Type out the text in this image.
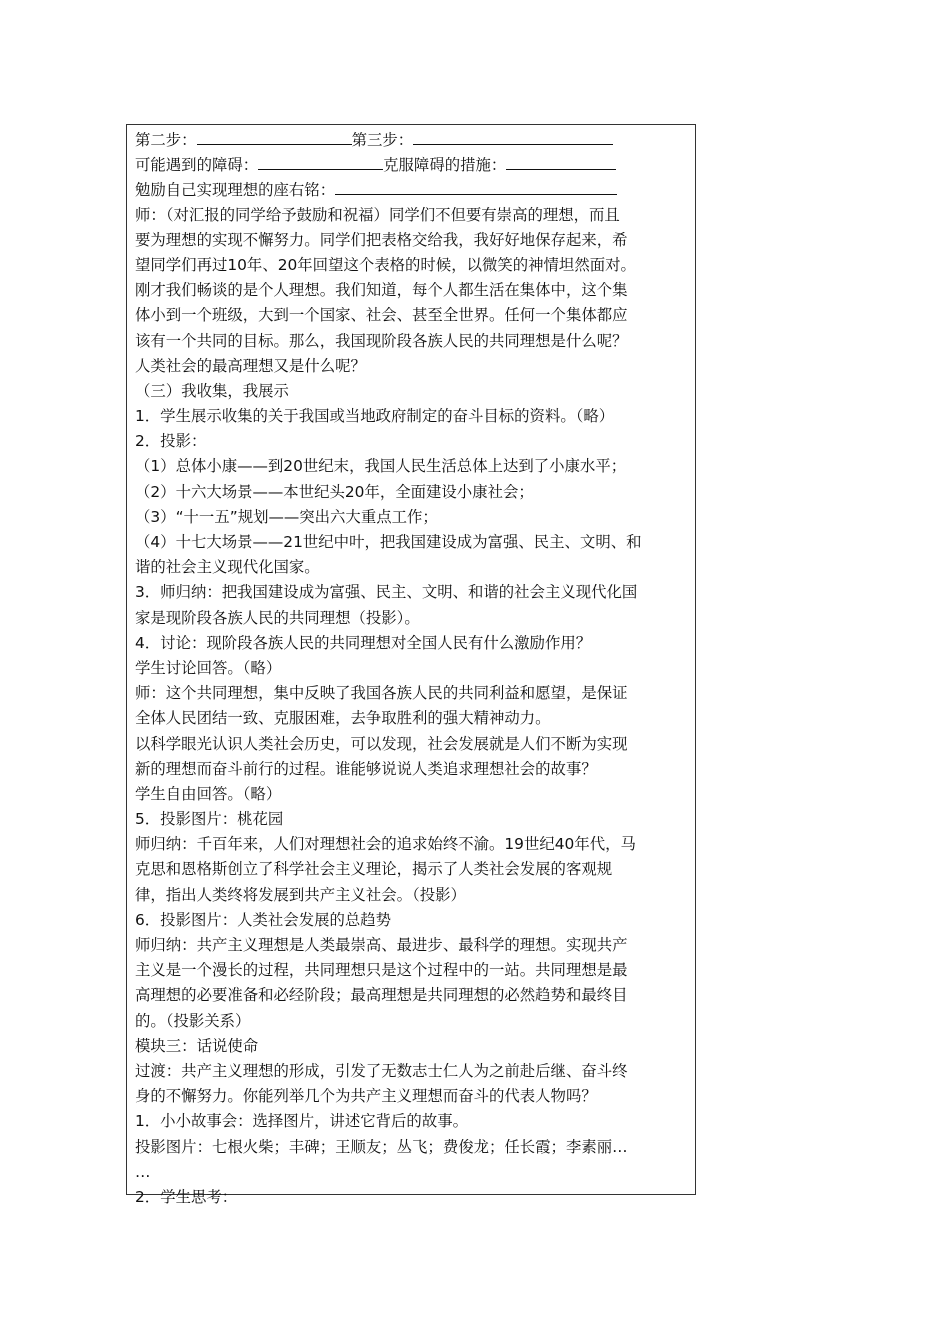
第二步：	第三步：
可能遇到的障碍：	克服障碍的措施：
勉励自己实现理想的座右铭：
师：（对汇报的同学给予鼓励和祝福）同学们不但要有崇高的理想，而且
要为理想的实现不懈努力。同学们把表格交给我，我好好地保存起来，希
望同学们再过10年、20年回望这个表格的时候，以微笑的神情坦然面对。
刚才我们畅谈的是个人理想。我们知道，每个人都生活在集体中，这个集
体小到一个班级，大到一个国家、社会、甚至全世界。任何一个集体都应
该有一个共同的目标。那么，我国现阶段各族人民的共同理想是什么呢？
人类社会的最高理想又是什么呢？
（三）我收集，我展示
1．学生展示收集的关于我国或当地政府制定的奋斗目标的资料。（略）
2．投影：
（1）总体小康——到20世纪末，我国人民生活总体上达到了小康水平；
（2）十六大场景——本世纪头20年，全面建设小康社会；
（3）“十一五”规划——突出六大重点工作；
（4）十七大场景——21世纪中叶，把我国建设成为富强、民主、文明、和
谐的社会主义现代化国家。
3．师归纳：把我国建设成为富强、民主、文明、和谐的社会主义现代化国
家是现阶段各族人民的共同理想（投影）。
4．讨论：现阶段各族人民的共同理想对全国人民有什么激励作用？
学生讨论回答。（略）
师：这个共同理想，集中反映了我国各族人民的共同利益和愿望，是保证
全体人民团结一致、克服困难，去争取胜利的强大精神动力。
以科学眼光认识人类社会历史，可以发现，社会发展就是人们不断为实现
新的理想而奋斗前行的过程。谁能够说说人类追求理想社会的故事？
学生自由回答。（略）
5．投影图片：桃花园
师归纳：千百年来，人们对理想社会的追求始终不渝。19世纪40年代，马
克思和恩格斯创立了科学社会主义理论，揭示了人类社会发展的客观规
律，指出人类终将发展到共产主义社会。（投影）
6．投影图片：人类社会发展的总趋势
师归纳：共产主义理想是人类最崇高、最进步、最科学的理想。实现共产
主义是一个漫长的过程，共同理想只是这个过程中的一站。共同理想是最
高理想的必要准备和必经阶段；最高理想是共同理想的必然趋势和最终目
的。（投影关系）
模块三：话说使命
过渡：共产主义理想的形成，引发了无数志士仁人为之前赴后继、奋斗终
身的不懈努力。你能列举几个为共产主义理想而奋斗的代表人物吗？
1．小小故事会：选择图片，讲述它背后的故事。
投影图片：七根火柴；丰碑；王顺友；丛飞；费俊龙；任长霞；李素丽…
…
2．学生思考：
